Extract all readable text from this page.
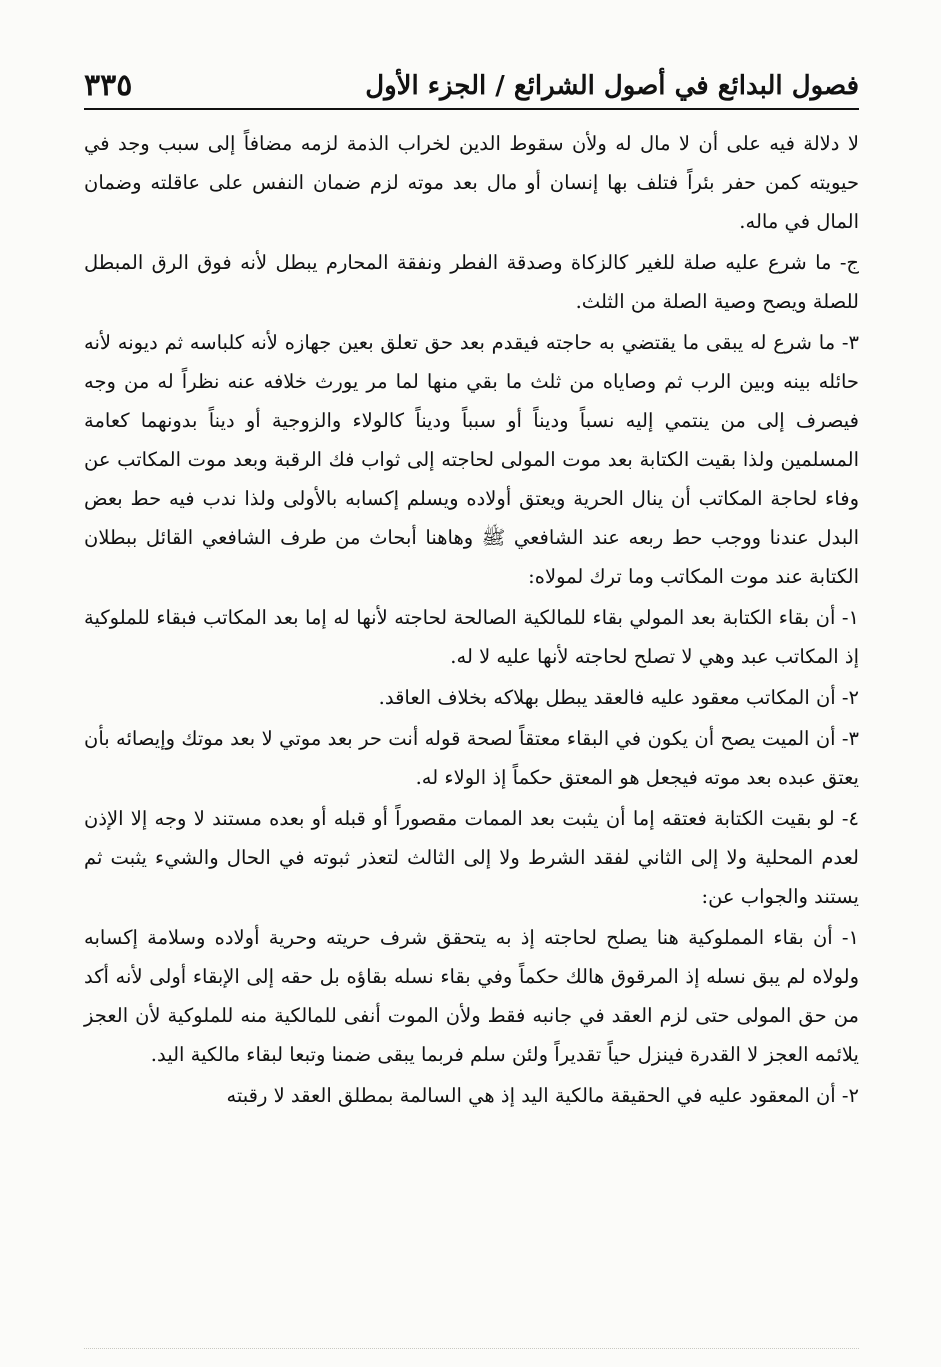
فصول البدائع في أصول الشرائع / الجزء الأول
٣٣٥

لا دلالة فيه على أن لا مال له ولأن سقوط الدين لخراب الذمة لزمه مضافاً إلى سبب وجد في حيويته كمن حفر بئراً فتلف بها إنسان أو مال بعد موته لزم ضمان النفس على عاقلته وضمان المال في ماله.

ج- ما شرع عليه صلة للغير كالزكاة وصدقة الفطر ونفقة المحارم يبطل لأنه فوق الرق المبطل للصلة ويصح وصية الصلة من الثلث.

٣- ما شرع له يبقى ما يقتضي به حاجته فيقدم بعد حق تعلق بعين جهازه لأنه كلباسه ثم ديونه لأنه حائله بينه وبين الرب ثم وصاياه من ثلث ما بقي منها لما مر يورث خلافه عنه نظراً له من وجه فيصرف إلى من ينتمي إليه نسباً وديناً أو سبباً وديناً كالولاء والزوجية أو ديناً بدونهما كعامة المسلمين ولذا بقيت الكتابة بعد موت المولى لحاجته إلى ثواب فك الرقبة وبعد موت المكاتب عن وفاء لحاجة المكاتب أن ينال الحرية ويعتق أولاده ويسلم إكسابه بالأولى ولذا ندب فيه حط بعض البدل عندنا ووجب حط ربعه عند الشافعي ﷺ وهاهنا أبحاث من طرف الشافعي القائل ببطلان الكتابة عند موت المكاتب وما ترك لمولاه:

١- أن بقاء الكتابة بعد المولي بقاء للمالكية الصالحة لحاجته لأنها له إما بعد المكاتب فبقاء للملوكية إذ المكاتب عبد وهي لا تصلح لحاجته لأنها عليه لا له.

٢- أن المكاتب معقود عليه فالعقد يبطل بهلاكه بخلاف العاقد.

٣- أن الميت يصح أن يكون في البقاء معتقاً لصحة قوله أنت حر بعد موتي لا بعد موتك وإيصائه بأن يعتق عبده بعد موته فيجعل هو المعتق حكماً إذ الولاء له.

٤- لو بقيت الكتابة فعتقه إما أن يثبت بعد الممات مقصوراً أو قبله أو بعده مستند لا وجه إلا الإذن لعدم المحلية ولا إلى الثاني لفقد الشرط ولا إلى الثالث لتعذر ثبوته في الحال والشيء يثبت ثم يستند والجواب عن:

١- أن بقاء المملوكية هنا يصلح لحاجته إذ به يتحقق شرف حريته وحرية أولاده وسلامة إكسابه ولولاه لم يبق نسله إذ المرقوق هالك حكماً وفي بقاء نسله بقاؤه بل حقه إلى الإبقاء أولى لأنه أكد من حق المولى حتى لزم العقد في جانبه فقط ولأن الموت أنفى للمالكية منه للملوكية لأن العجز يلائمه العجز لا القدرة فينزل حياً تقديراً ولئن سلم فربما يبقى ضمنا وتبعا لبقاء مالكية اليد.

٢- أن المعقود عليه في الحقيقة مالكية اليد إذ هي السالمة بمطلق العقد لا رقبته
